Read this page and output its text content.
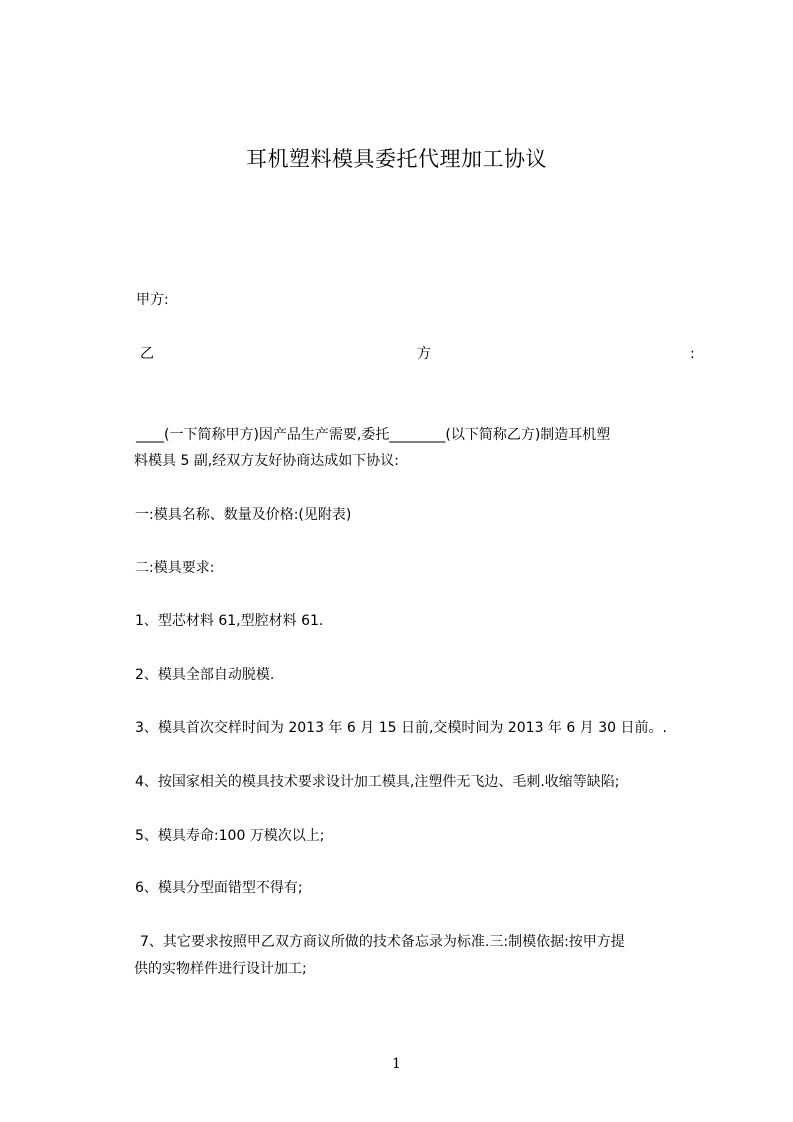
耳机塑料模具委托代理加工协议
甲方:
乙	方	:
____(一下简称甲方)因产品生产需要,委托________(以下简称乙方)制造耳机塑
料模具 5 副,经双方友好协商达成如下协议:
一:模具名称、数量及价格:(见附表)
二:模具要求:
1、型芯材料 61,型腔材料 61.
2、模具全部自动脱模.
3、模具首次交样时间为 2013 年 6 月 15 日前,交模时间为 2013 年 6 月 30 日前。.
4、按国家相关的模具技术要求设计加工模具,注塑件无飞边、毛刺.收缩等缺陷;
5、模具寿命:100 万模次以上;
6、模具分型面错型不得有;
7、其它要求按照甲乙双方商议所做的技术备忘录为标准.三:制模依据:按甲方提
供的实物样件进行设计加工;
1
